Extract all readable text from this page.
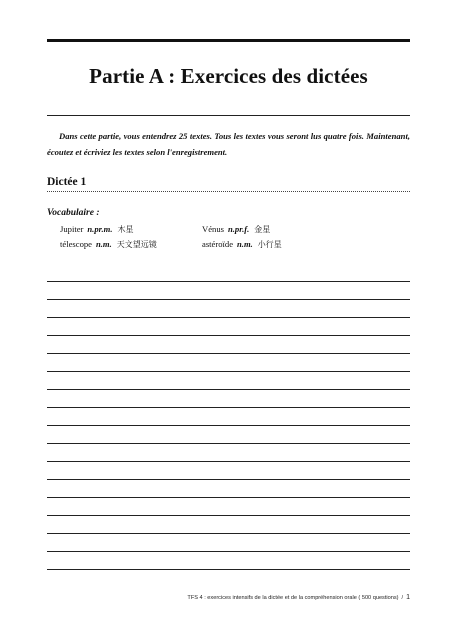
Partie A : Exercices des dictées
Dans cette partie, vous entendrez 25 textes. Tous les textes vous seront lus quatre fois. Maintenant, écoutez et écriviez les textes selon l'enregistrement.
Dictée 1
Vocabulaire :
Jupiter n.pr.m. 木星	Vénus n.pr.f. 金星
télescope n.m. 天文望远镜	astéroïde n.m. 小行星
TFS 4 : exercices intensifs de la dictée et de la compréhension orale ( 500 questions) / 1
